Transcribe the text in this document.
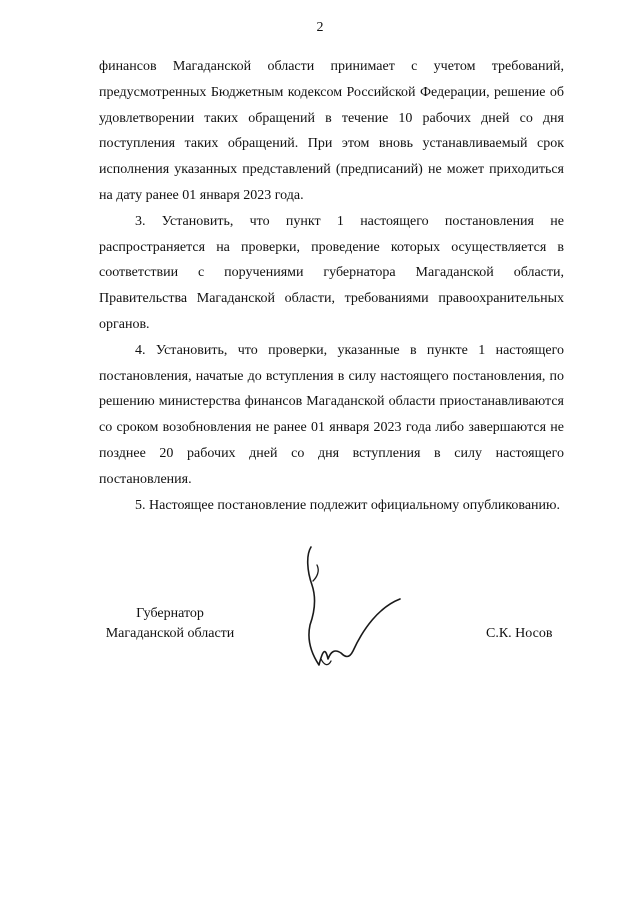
2

финансов Магаданской области принимает с учетом требований, предусмотренных Бюджетным кодексом Российской Федерации, решение об удовлетворении таких обращений в течение 10 рабочих дней со дня поступления таких обращений. При этом вновь устанавливаемый срок исполнения указанных представлений (предписаний) не может приходиться на дату ранее 01 января 2023 года.

3. Установить, что пункт 1 настоящего постановления не распространяется на проверки, проведение которых осуществляется в соответствии с поручениями губернатора Магаданской области, Правительства Магаданской области, требованиями правоохранительных органов.

4. Установить, что проверки, указанные в пункте 1 настоящего постановления, начатые до вступления в силу настоящего постановления, по решению министерства финансов Магаданской области приостанавливаются со сроком возобновления не ранее 01 января 2023 года либо завершаются не позднее 20 рабочих дней со дня вступления в силу настоящего постановления.

5. Настоящее постановление подлежит официальному опубликованию.

Губернатор
Магаданской области	С.К. Носов
